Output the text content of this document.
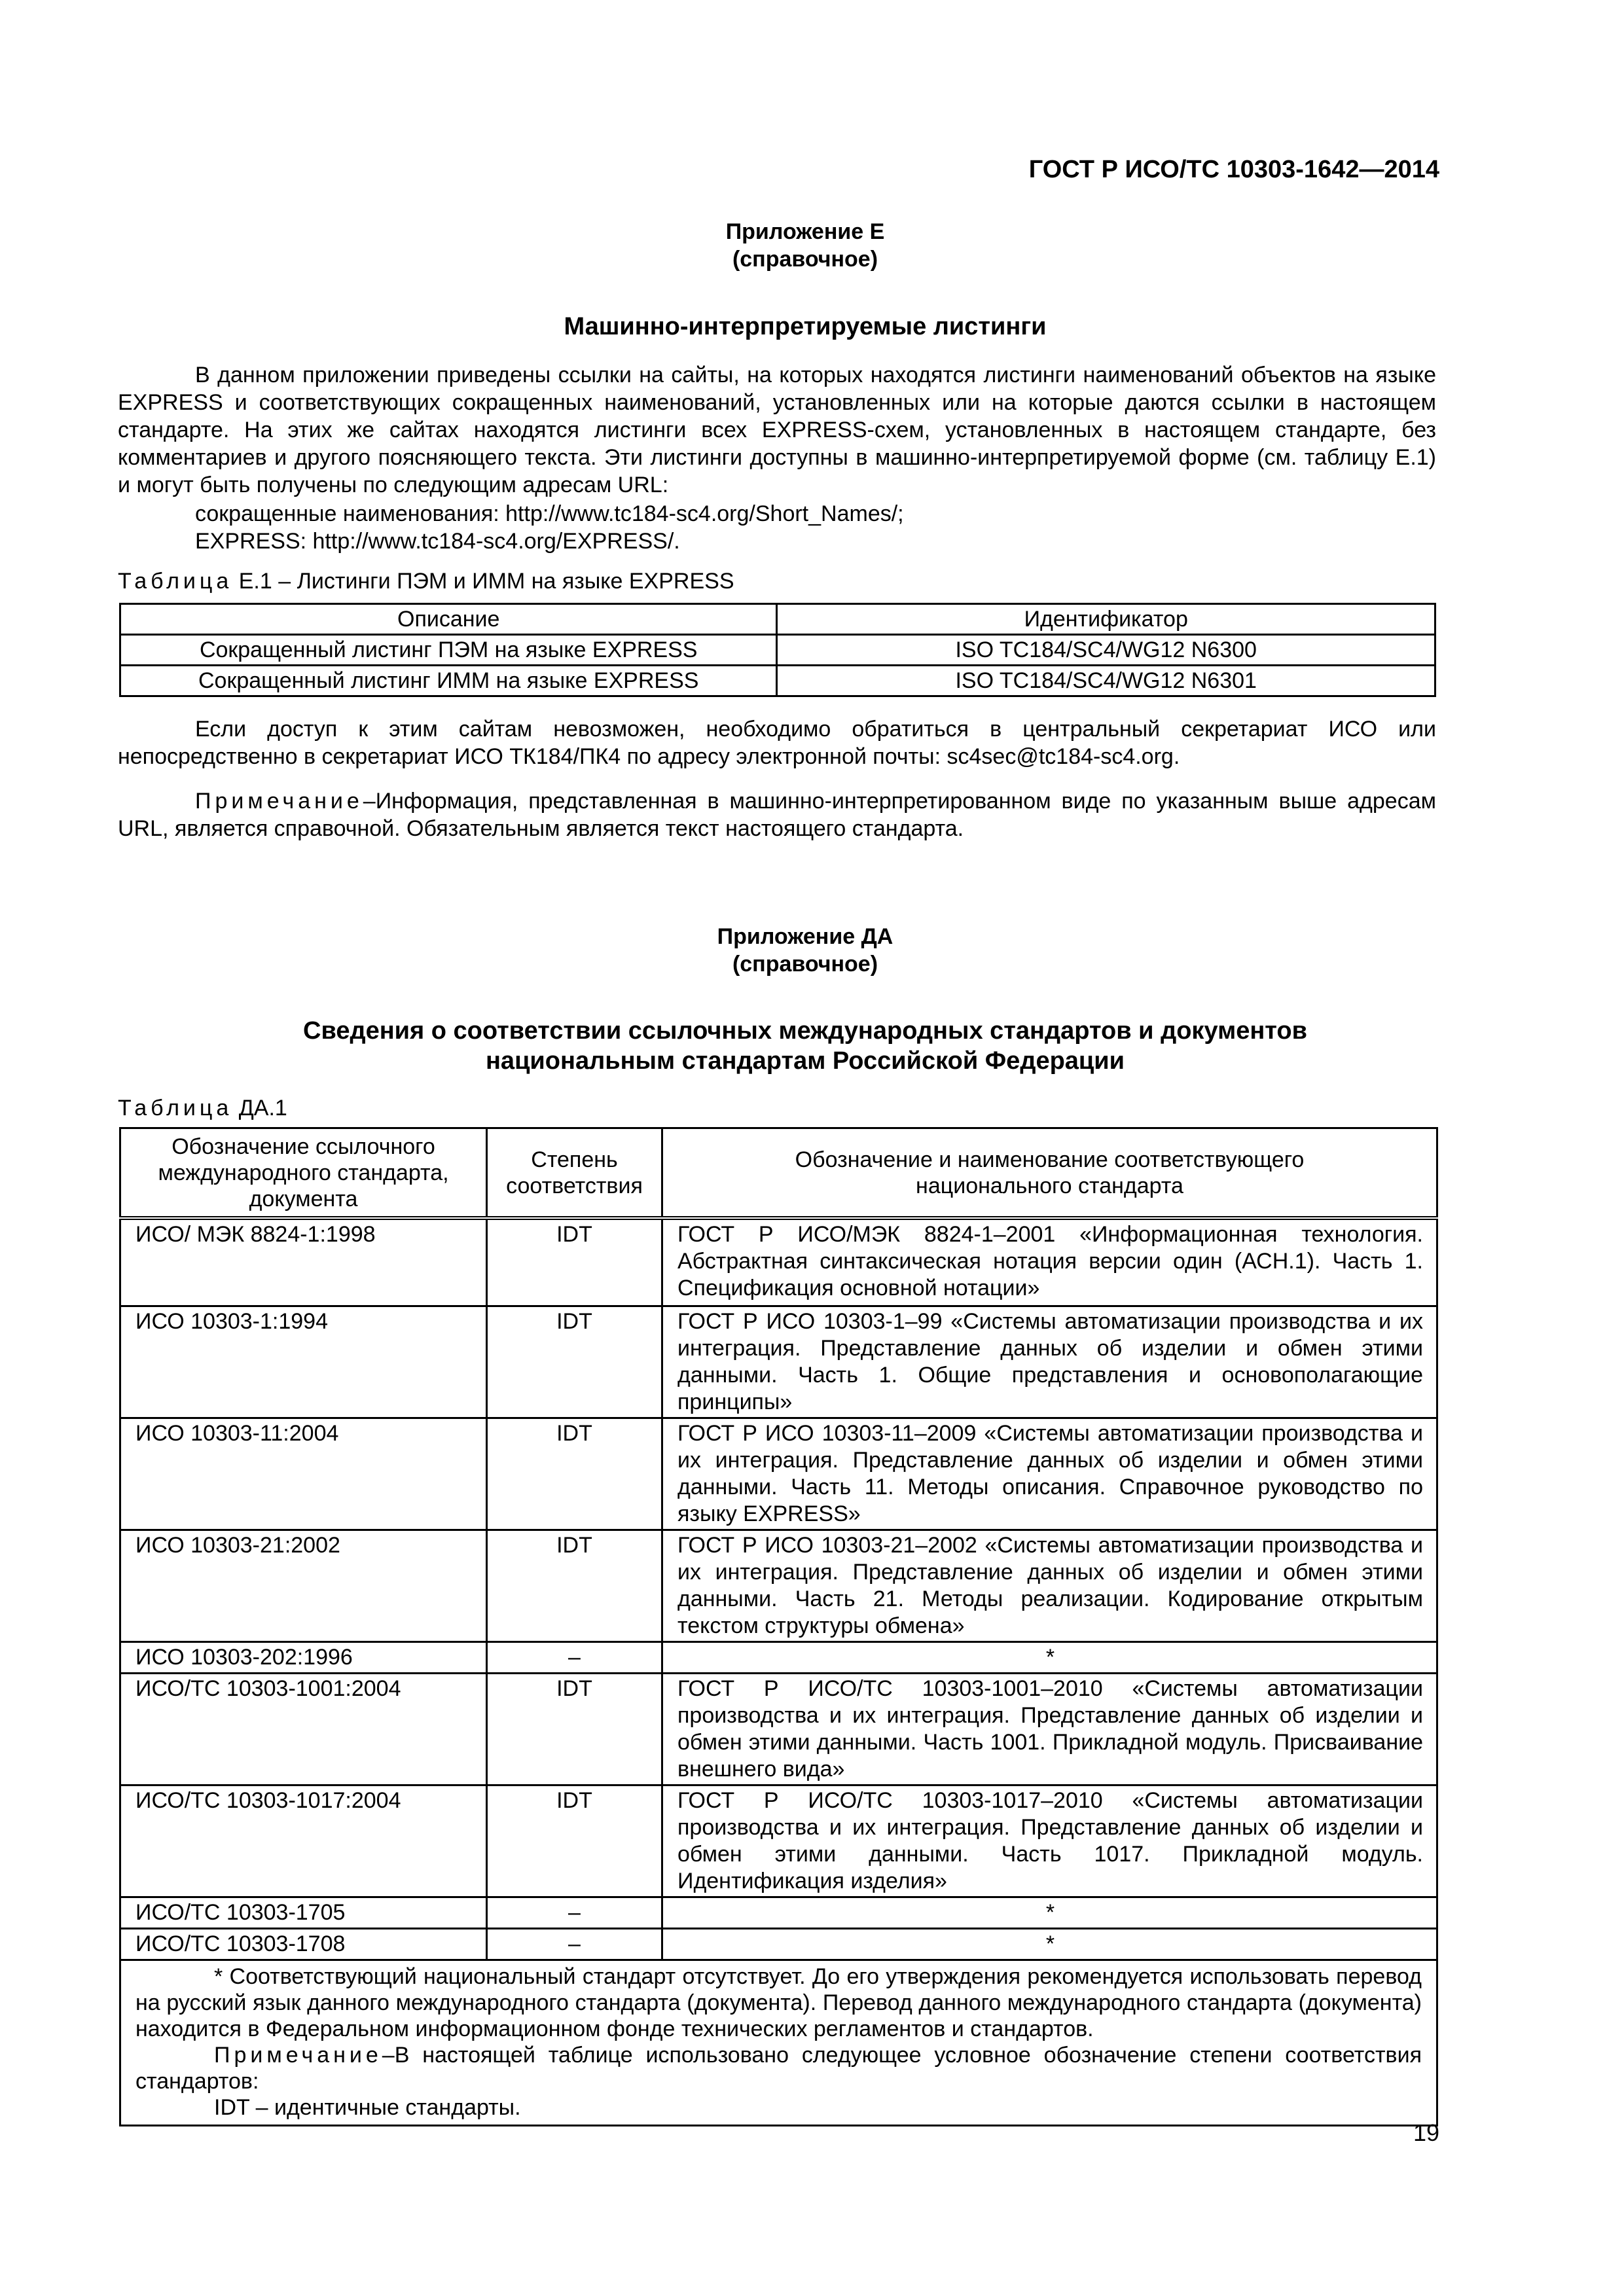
ГОСТ Р ИСО/ТС 10303-1642—2014
Приложение Е
(справочное)
Машинно-интерпретируемые листинги
В данном приложении приведены ссылки на сайты, на которых находятся листинги наименований объектов на языке EXPRESS и соответствующих сокращенных наименований, установленных или на которые даются ссылки в настоящем стандарте. На этих же сайтах находятся листинги всех EXPRESS-схем, установленных в настоящем стандарте, без комментариев и другого поясняющего текста. Эти листинги доступны в машинно-интерпретируемой форме (см. таблицу Е.1) и могут быть получены по следующим адресам URL:
сокращенные наименования: http://www.tc184-sc4.org/Short_Names/;
EXPRESS: http://www.tc184-sc4.org/EXPRESS/.
Таблица Е.1 – Листинги ПЭМ и ИММ на языке EXPRESS
Описание	Идентификатор
Сокращенный листинг ПЭМ на языке EXPRESS	ISO TC184/SC4/WG12 N6300
Сокращенный листинг ИММ на языке EXPRESS	ISO TC184/SC4/WG12 N6301
Если доступ к этим сайтам невозможен, необходимо обратиться в центральный секретариат ИСО или непосредственно в секретариат ИСО ТК184/ПК4 по адресу электронной почты: sc4sec@tc184-sc4.org.
Примечание–Информация, представленная в машинно-интерпретированном виде по указанным выше адресам URL, является справочной. Обязательным является текст настоящего стандарта.
Приложение ДА
(справочное)
Сведения о соответствии ссылочных международных стандартов и документов
национальным стандартам Российской Федерации
Таблица ДА.1
Обозначение ссылочного международного стандарта, документа	Степень соответствия	Обозначение и наименование соответствующего национального стандарта
ИСО/ МЭК 8824-1:1998	IDT	ГОСТ Р ИСО/МЭК 8824-1–2001 «Информационная технология. Абстрактная синтаксическая нотация версии один (АСН.1). Часть 1. Спецификация основной нотации»
ИСО 10303-1:1994	IDT	ГОСТ Р ИСО 10303-1–99 «Системы автоматизации производства и их интеграция. Представление данных об изделии и обмен этими данными. Часть 1. Общие представления и основополагающие принципы»
ИСО 10303-11:2004	IDT	ГОСТ Р ИСО 10303-11–2009 «Системы автоматизации производства и их интеграция. Представление данных об изделии и обмен этими данными. Часть 11. Методы описания. Справочное руководство по языку EXPRESS»
ИСО 10303-21:2002	IDT	ГОСТ Р ИСО 10303-21–2002 «Системы автоматизации производства и их интеграция. Представление данных об изделии и обмен этими данными. Часть 21. Методы реализации. Кодирование открытым текстом структуры обмена»
ИСО 10303-202:1996	–	*
ИСО/ТС 10303-1001:2004	IDT	ГОСТ Р ИСО/ТС 10303-1001–2010 «Системы автоматизации производства и их интеграция. Представление данных об изделии и обмен этими данными. Часть 1001. Прикладной модуль. Присваивание внешнего вида»
ИСО/ТС 10303-1017:2004	IDT	ГОСТ Р ИСО/ТС 10303-1017–2010 «Системы автоматизации производства и их интеграция. Представление данных об изделии и обмен этими данными. Часть 1017. Прикладной модуль. Идентификация изделия»
ИСО/ТС 10303-1705	–	*
ИСО/ТС 10303-1708	–	*

* Соответствующий национальный стандарт отсутствует. До его утверждения рекомендуется использовать перевод на русский язык данного международного стандарта (документа). Перевод данного международного стандарта (документа) находится в Федеральном информационном фонде технических регламентов и стандартов.

Примечание–В настоящей таблице использовано следующее условное обозначение степени соответствия стандартов:

IDT – идентичные стандарты.		

19
